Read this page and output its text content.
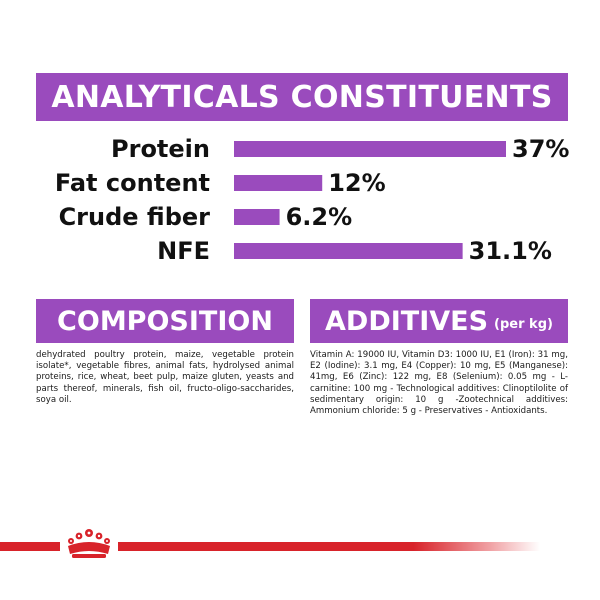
ANALYTICALS CONSTITUENTS
Protein	37%
Fat content	12%
Crude fiber	6.2%
NFE	31.1%
COMPOSITION ADDITIVES (per kg)
dehydrated poultry protein, maize, vegetable protein isolate*, vegetable fibres, animal fats, hydrolysed animal proteins, rice, wheat, beet pulp, maize gluten, yeasts and parts thereof, minerals, fish oil, fructo-oligo-saccharides, soya oil.
Vitamin A: 19000 IU, Vitamin D3: 1000 IU, E1 (Iron): 31 mg, E2 (Iodine): 3.1 mg, E4 (Copper): 10 mg, E5 (Manganese): 41mg, E6 (Zinc): 122 mg, E8 (Selenium): 0.05 mg - L- carnitine: 100 mg - Technological additives: Clinoptilolite of sedimentary origin: 10 g -Zootechnical additives: Ammonium chloride: 5 g - Preservatives - Antioxidants.
